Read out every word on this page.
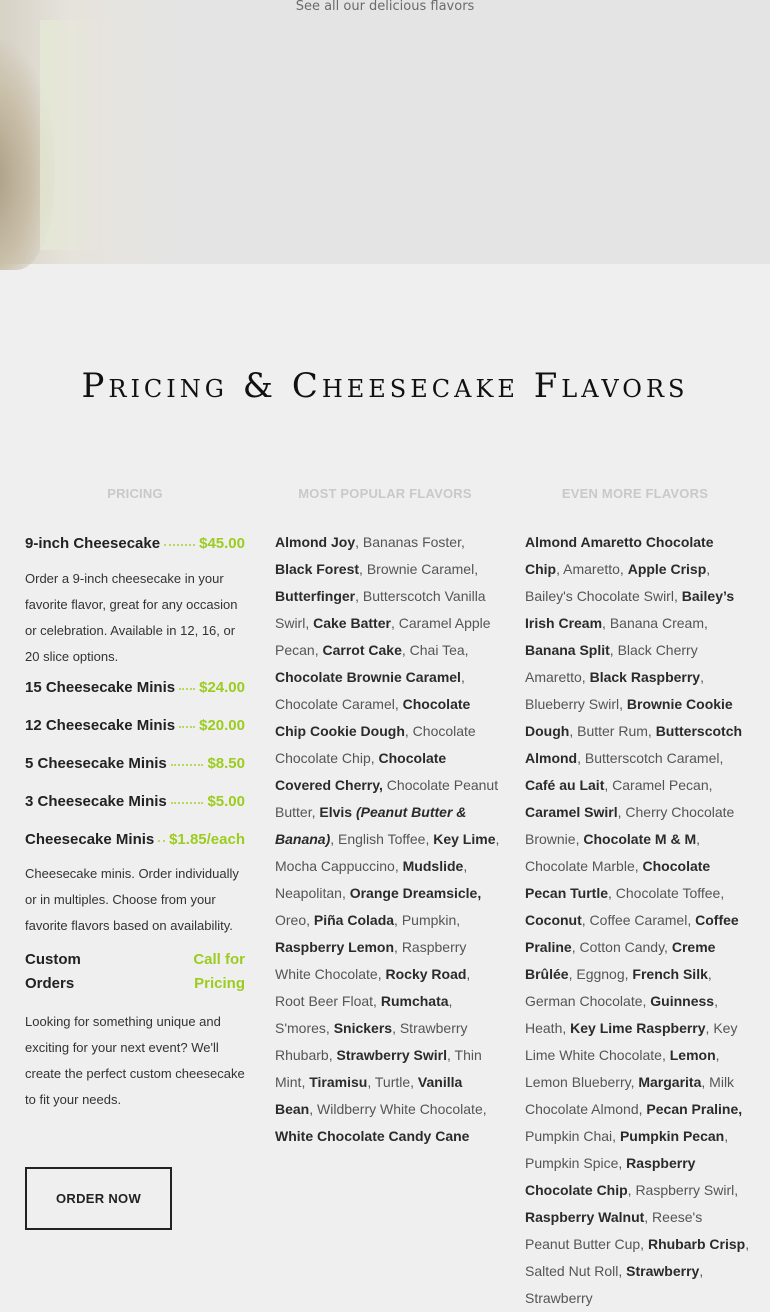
See all our delicious flavors
Pricing & Cheesecake Flavors
PRICING	MOST POPULAR FLAVORS	EVEN MORE FLAVORS
9-inch Cheesecake	$45.00

Order a 9-inch cheesecake in your favorite flavor, great for any occasion or celebration. Available in 12, 16, or 20 slice options.

15 Cheesecake Minis $24.00
12 Cheesecake Minis $20.00
5 Cheesecake Minis	$8.50
3 Cheesecake Minis	$5.00
Cheesecake Minis $1.85/each

Cheesecake minis. Order individually or in multiples. Choose from your favorite flavors based on availability.

Custom Orders
Call for Pricing

Looking for something unique and exciting for your next event? We'll create the perfect custom cheesecake to fit your needs.

ORDER NOW
Almond Joy, Bananas Foster, Black Forest, Brownie Caramel, Butterfinger, Butterscotch Vanilla Swirl, Cake Batter, Caramel Apple Pecan, Carrot Cake, Chai Tea, Chocolate Brownie Caramel, Chocolate Caramel, Chocolate Chip Cookie Dough, Chocolate Chocolate Chip, Chocolate Covered Cherry, Chocolate Peanut Butter, Elvis (Peanut Butter & Banana), English Toffee, Key Lime, Mocha Cappuccino, Mudslide, Neapolitan, Orange Dreamsicle, Oreo, Piña Colada, Pumpkin, Raspberry Lemon, Raspberry White Chocolate, Rocky Road, Root Beer Float, Rumchata, S'mores, Snickers, Strawberry Rhubarb, Strawberry Swirl, Thin Mint, Tiramisu, Turtle, Vanilla Bean, Wildberry White Chocolate, White Chocolate Candy Cane
Almond Amaretto Chocolate Chip, Amaretto, Apple Crisp, Bailey's Chocolate Swirl, Bailey’s Irish Cream, Banana Cream, Banana Split, Black Cherry Amaretto, Black Raspberry, Blueberry Swirl, Brownie Cookie Dough, Butter Rum, Butterscotch Almond, Butterscotch Caramel, Café au Lait, Caramel Pecan, Caramel Swirl, Cherry Chocolate Brownie, Chocolate M & M, Chocolate Marble, Chocolate Pecan Turtle, Chocolate Toffee, Coconut, Coffee Caramel, Coffee Praline, Cotton Candy, Creme Brûlée, Eggnog, French Silk, German Chocolate, Guinness, Heath, Key Lime Raspberry, Key Lime White Chocolate, Lemon, Lemon Blueberry, Margarita, Milk Chocolate Almond, Pecan Praline, Pumpkin Chai, Pumpkin Pecan, Pumpkin Spice, Raspberry Chocolate Chip, Raspberry Swirl, Raspberry Walnut, Reese's Peanut Butter Cup, Rhubarb Crisp, Salted Nut Roll, Strawberry, Strawberry
